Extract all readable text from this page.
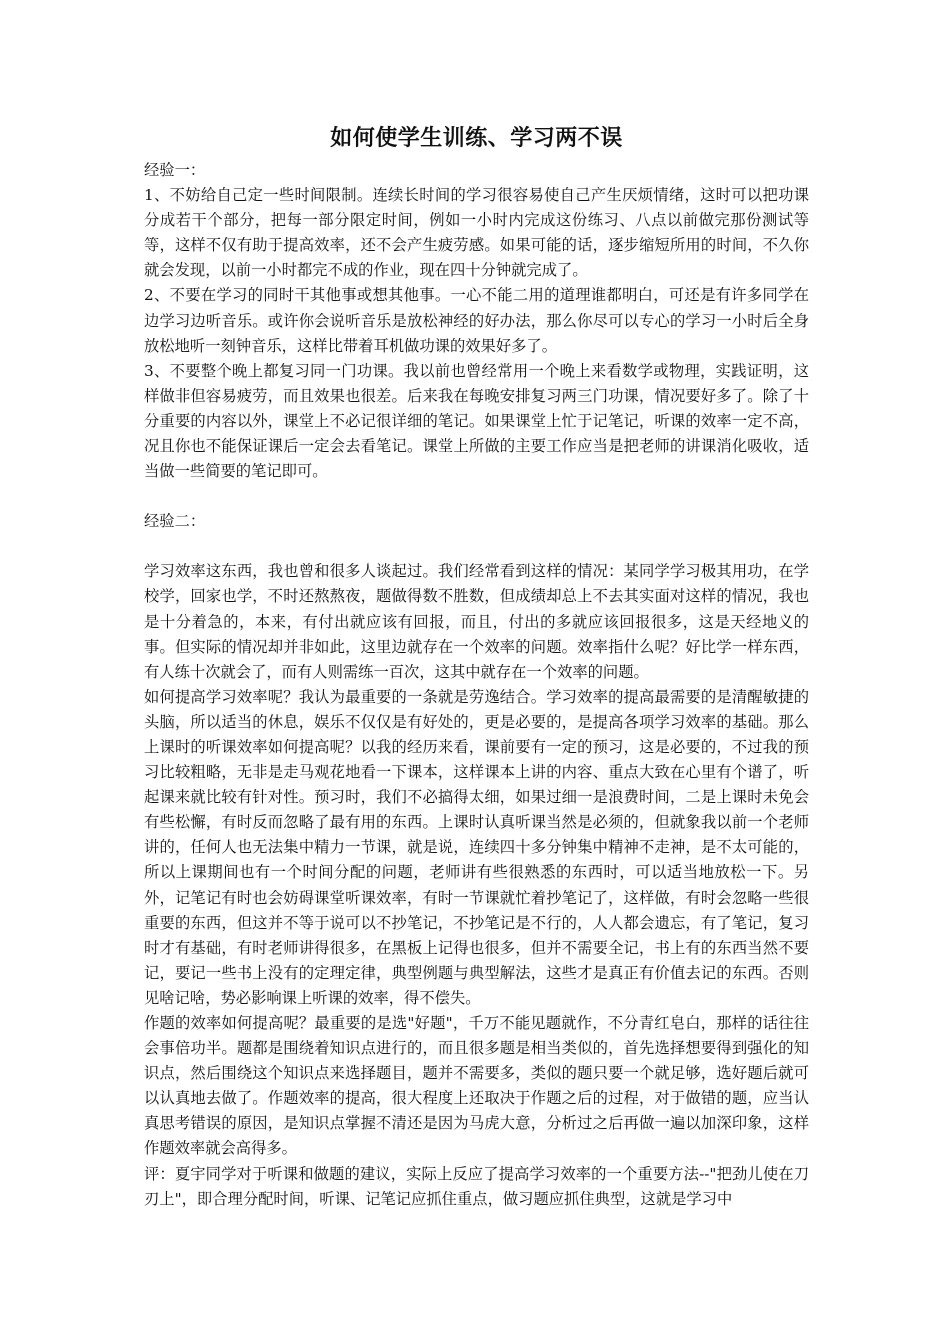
如何使学生训练、学习两不误

经验一：

1、不妨给自己定一些时间限制。连续长时间的学习很容易使自己产生厌烦情绪，这时可以把功课分成若干个部分，把每一部分限定时间，例如一小时内完成这份练习、八点以前做完那份测试等等，这样不仅有助于提高效率，还不会产生疲劳感。如果可能的话，逐步缩短所用的时间，不久你就会发现，以前一小时都完不成的作业，现在四十分钟就完成了。

2、不要在学习的同时干其他事或想其他事。一心不能二用的道理谁都明白，可还是有许多同学在边学习边听音乐。或许你会说听音乐是放松神经的好办法，那么你尽可以专心的学习一小时后全身放松地听一刻钟音乐，这样比带着耳机做功课的效果好多了。

3、不要整个晚上都复习同一门功课。我以前也曾经常用一个晚上来看数学或物理，实践证明，这样做非但容易疲劳，而且效果也很差。后来我在每晚安排复习两三门功课，情况要好多了。除了十分重要的内容以外，课堂上不必记很详细的笔记。如果课堂上忙于记笔记，听课的效率一定不高，况且你也不能保证课后一定会去看笔记。课堂上所做的主要工作应当是把老师的讲课消化吸收，适当做一些简要的笔记即可。

经验二：

学习效率这东西，我也曾和很多人谈起过。我们经常看到这样的情况：某同学学习极其用功，在学校学，回家也学，不时还熬熬夜，题做得数不胜数，但成绩却总上不去其实面对这样的情况，我也是十分着急的，本来，有付出就应该有回报，而且，付出的多就应该回报很多，这是天经地义的事。但实际的情况却并非如此，这里边就存在一个效率的问题。效率指什么呢？好比学一样东西，有人练十次就会了，而有人则需练一百次，这其中就存在一个效率的问题。

如何提高学习效率呢？我认为最重要的一条就是劳逸结合。学习效率的提高最需要的是清醒敏捷的头脑，所以适当的休息，娱乐不仅仅是有好处的，更是必要的，是提高各项学习效率的基础。那么上课时的听课效率如何提高呢？以我的经历来看，课前要有一定的预习，这是必要的，不过我的预习比较粗略，无非是走马观花地看一下课本，这样课本上讲的内容、重点大致在心里有个谱了，听起课来就比较有针对性。预习时，我们不必搞得太细，如果过细一是浪费时间，二是上课时未免会有些松懈，有时反而忽略了最有用的东西。上课时认真听课当然是必须的，但就象我以前一个老师讲的，任何人也无法集中精力一节课，就是说，连续四十多分钟集中精神不走神，是不太可能的，所以上课期间也有一个时间分配的问题，老师讲有些很熟悉的东西时，可以适当地放松一下。另外，记笔记有时也会妨碍课堂听课效率，有时一节课就忙着抄笔记了，这样做，有时会忽略一些很重要的东西，但这并不等于说可以不抄笔记，不抄笔记是不行的，人人都会遗忘，有了笔记，复习时才有基础，有时老师讲得很多，在黑板上记得也很多，但并不需要全记，书上有的东西当然不要记，要记一些书上没有的定理定律，典型例题与典型解法，这些才是真正有价值去记的东西。否则见啥记啥，势必影响课上听课的效率，得不偿失。

作题的效率如何提高呢？最重要的是选"好题"，千万不能见题就作，不分青红皂白，那样的话往往会事倍功半。题都是围绕着知识点进行的，而且很多题是相当类似的，首先选择想要得到强化的知识点，然后围绕这个知识点来选择题目，题并不需要多，类似的题只要一个就足够，选好题后就可以认真地去做了。作题效率的提高，很大程度上还取决于作题之后的过程，对于做错的题，应当认真思考错误的原因，是知识点掌握不清还是因为马虎大意，分析过之后再做一遍以加深印象，这样作题效率就会高得多。

评：夏宇同学对于听课和做题的建议，实际上反应了提高学习效率的一个重要方法--"把劲儿使在刀刃上"，即合理分配时间，听课、记笔记应抓住重点，做习题应抓住典型，这就是学习中
